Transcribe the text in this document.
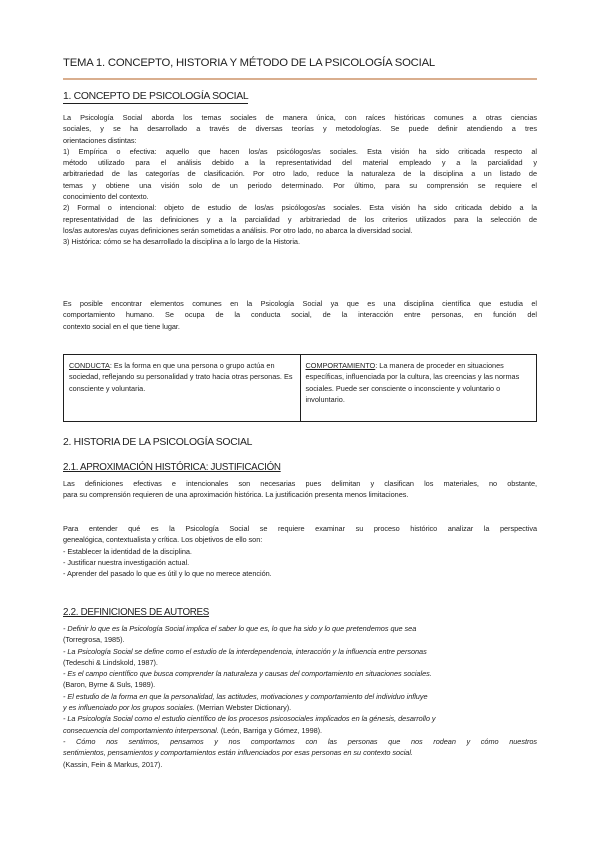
TEMA 1. CONCEPTO, HISTORIA Y MÉTODO DE LA PSICOLOGÍA SOCIAL
1. CONCEPTO DE PSICOLOGÍA SOCIAL
La Psicología Social aborda los temas sociales de manera única, con raíces históricas comunes a otras ciencias
sociales, y se ha desarrollado a través de diversas teorías y metodologías. Se puede definir atendiendo a tres
orientaciones distintas:
1) Empírica o efectiva: aquello que hacen los/as psicólogos/as sociales. Esta visión ha sido criticada respecto al
método utilizado para el análisis debido a la representatividad del material empleado y a la parcialidad y
arbitrariedad de las categorías de clasificación. Por otro lado, reduce la naturaleza de la disciplina a un listado de
temas y obtiene una visión solo de un periodo determinado. Por último, para su comprensión se requiere el
conocimiento del contexto.
2) Formal o intencional: objeto de estudio de los/as psicólogos/as sociales. Esta visión ha sido criticada debido a la
representatividad de las definiciones y a la parcialidad y arbitrariedad de los criterios utilizados para la selección de
los/as autores/as cuyas definiciones serán sometidas a análisis. Por otro lado, no abarca la diversidad social.
3) Histórica: cómo se ha desarrollado la disciplina a lo largo de la Historia.
Es posible encontrar elementos comunes en la Psicología Social ya que es una disciplina científica que estudia el
comportamiento humano. Se ocupa de la conducta social, de la interacción entre personas, en función del
contexto social en el que tiene lugar.
CONDUCTA: Es la forma en que una persona o grupo actúa en sociedad, reflejando su personalidad y trato hacia otras personas. Es consciente y voluntaria.
COMPORTAMIENTO: La manera de proceder en situaciones específicas, influenciada por la cultura, las creencias y las normas sociales. Puede ser consciente o inconsciente y voluntario o involuntario.
2. HISTORIA DE LA PSICOLOGÍA SOCIAL
2.1. APROXIMACIÓN HISTÓRICA: JUSTIFICACIÓN
Las definiciones efectivas e intencionales son necesarias pues delimitan y clasifican los materiales, no obstante,
para su comprensión requieren de una aproximación histórica. La justificación presenta menos limitaciones.
Para entender qué es la Psicología Social se requiere examinar su proceso histórico analizar la perspectiva
genealógica, contextualista y crítica. Los objetivos de ello son:
- Establecer la identidad de la disciplina.
- Justificar nuestra investigación actual.
- Aprender del pasado lo que es útil y lo que no merece atención.
2.2. DEFINICIONES DE AUTORES
- Definir lo que es la Psicología Social implica el saber lo que es, lo que ha sido y lo que pretendemos que sea
(Torregrosa, 1985).
- La Psicología Social se define como el estudio de la interdependencia, interacción y la influencia entre personas
(Tedeschi & Lindskold, 1987).
- Es el campo científico que busca comprender la naturaleza y causas del comportamiento en situaciones sociales.
(Baron, Byrne & Suls, 1989).
- El estudio de la forma en que la personalidad, las actitudes, motivaciones y comportamiento del individuo influye
y es influenciado por los grupos sociales. (Merrian Webster Dictionary).
- La Psicología Social como el estudio científico de los procesos psicosociales implicados en la génesis, desarrollo y
consecuencia del comportamiento interpersonal. (León, Barriga y Gómez, 1998).
- Cómo nos sentimos, pensamos y nos comportamos con las personas que nos rodean y cómo nuestros
sentimientos, pensamientos y comportamientos están influenciados por esas personas en su contexto social.
(Kassin, Fein & Markus, 2017).
